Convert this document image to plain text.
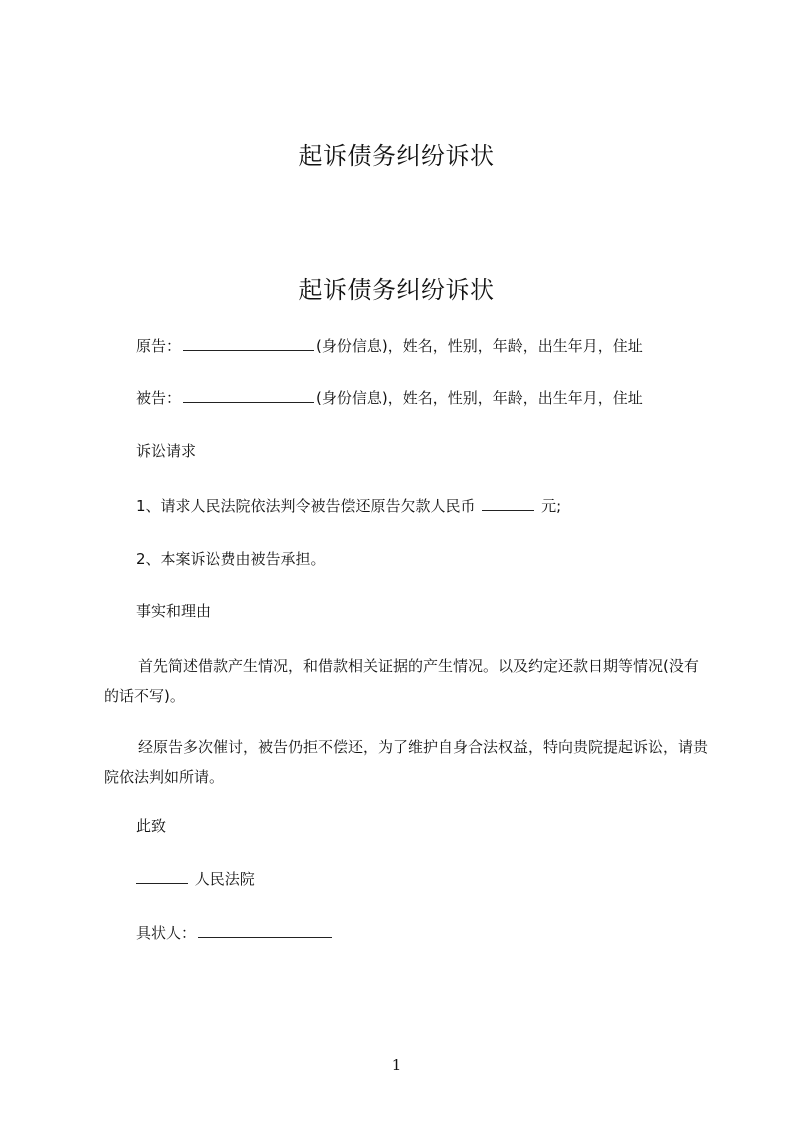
起诉债务纠纷诉状
起诉债务纠纷诉状
原告：	(身份信息)，姓名，性别，年龄，出生年月，住址
被告：	(身份信息)，姓名，性别，年龄，出生年月，住址
诉讼请求
1、请求人民法院依法判令被告偿还原告欠款人民币	元;
2、本案诉讼费由被告承担。
事实和理由
首先简述借款产生情况，和借款相关证据的产生情况。以及约定还款日期等情况(没有的话不写)。
经原告多次催讨，被告仍拒不偿还，为了维护自身合法权益，特向贵院提起诉讼，请贵院依法判如所请。
此致
人民法院
具状人：
1
